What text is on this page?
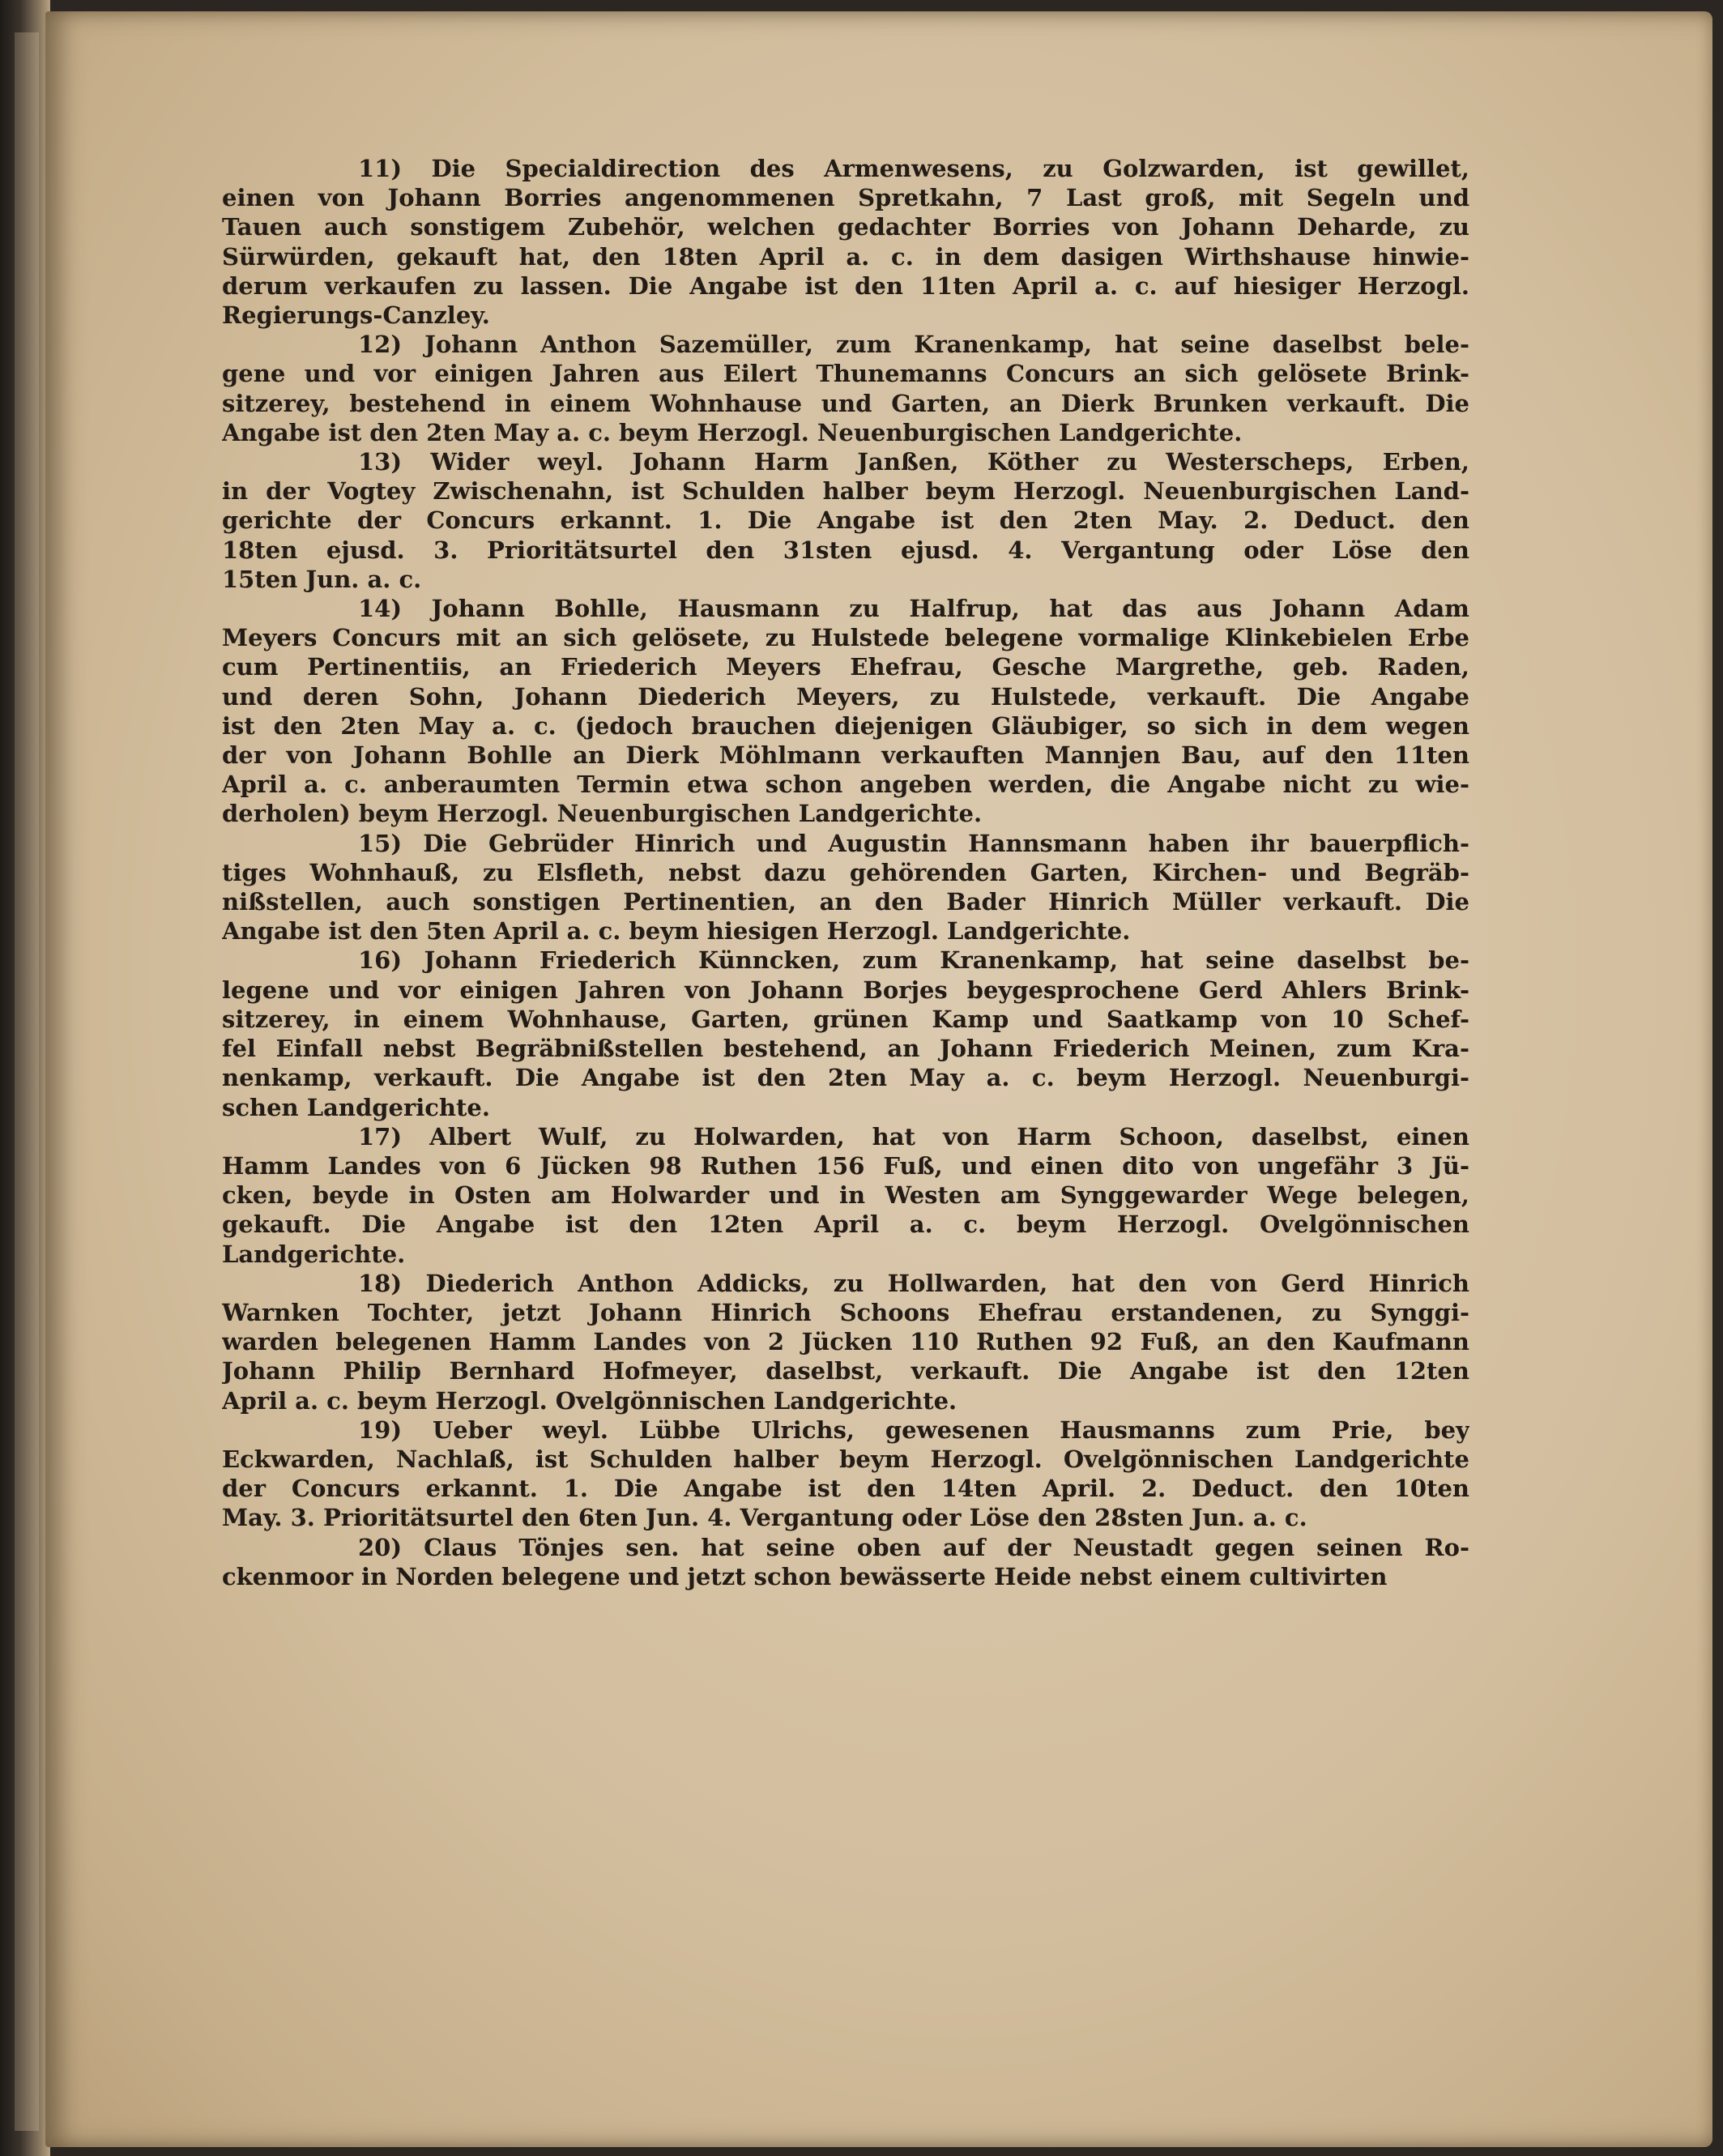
11) Die Specialdirection des Armenwesens, zu Golzwarden, ist gewillet,
einen von Johann Borries angenommenen Spretkahn, 7 Last groß, mit Segeln und
Tauen auch sonstigem Zubehör, welchen gedachter Borries von Johann Deharde, zu
Sürwürden, gekauft hat, den 18ten April a. c. in dem dasigen Wirthshause hinwie-
derum verkaufen zu lassen. Die Angabe ist den 11ten April a. c. auf hiesiger Herzogl.
Regierungs-Canzley.
12) Johann Anthon Sazemüller, zum Kranenkamp, hat seine daselbst bele-
gene und vor einigen Jahren aus Eilert Thunemanns Concurs an sich gelösete Brink-
sitzerey, bestehend in einem Wohnhause und Garten, an Dierk Brunken verkauft. Die
Angabe ist den 2ten May a. c. beym Herzogl. Neuenburgischen Landgerichte.
13) Wider weyl. Johann Harm Janßen, Köther zu Westerscheps, Erben,
in der Vogtey Zwischenahn, ist Schulden halber beym Herzogl. Neuenburgischen Land-
gerichte der Concurs erkannt. 1. Die Angabe ist den 2ten May. 2. Deduct. den
18ten ejusd. 3. Prioritätsurtel den 31sten ejusd. 4. Vergantung oder Löse den
15ten Jun. a. c.
14) Johann Bohlle, Hausmann zu Halfrup, hat das aus Johann Adam
Meyers Concurs mit an sich gelösete, zu Hulstede belegene vormalige Klinkebielen Erbe
cum Pertinentiis, an Friederich Meyers Ehefrau, Gesche Margrethe, geb. Raden,
und deren Sohn, Johann Diederich Meyers, zu Hulstede, verkauft. Die Angabe
ist den 2ten May a. c. (jedoch brauchen diejenigen Gläubiger, so sich in dem wegen
der von Johann Bohlle an Dierk Möhlmann verkauften Mannjen Bau, auf den 11ten
April a. c. anberaumten Termin etwa schon angeben werden, die Angabe nicht zu wie-
derholen) beym Herzogl. Neuenburgischen Landgerichte.
15) Die Gebrüder Hinrich und Augustin Hannsmann haben ihr bauerpflich-
tiges Wohnhauß, zu Elsfleth, nebst dazu gehörenden Garten, Kirchen- und Begräb-
nißstellen, auch sonstigen Pertinentien, an den Bader Hinrich Müller verkauft. Die
Angabe ist den 5ten April a. c. beym hiesigen Herzogl. Landgerichte.
16) Johann Friederich Künncken, zum Kranenkamp, hat seine daselbst be-
legene und vor einigen Jahren von Johann Borjes beygesprochene Gerd Ahlers Brink-
sitzerey, in einem Wohnhause, Garten, grünen Kamp und Saatkamp von 10 Schef-
fel Einfall nebst Begräbnißstellen bestehend, an Johann Friederich Meinen, zum Kra-
nenkamp, verkauft. Die Angabe ist den 2ten May a. c. beym Herzogl. Neuenburgi-
schen Landgerichte.
17) Albert Wulf, zu Holwarden, hat von Harm Schoon, daselbst, einen
Hamm Landes von 6 Jücken 98 Ruthen 156 Fuß, und einen dito von ungefähr 3 Jü-
cken, beyde in Osten am Holwarder und in Westen am Synggewarder Wege belegen,
gekauft. Die Angabe ist den 12ten April a. c. beym Herzogl. Ovelgönnischen
Landgerichte.
18) Diederich Anthon Addicks, zu Hollwarden, hat den von Gerd Hinrich
Warnken Tochter, jetzt Johann Hinrich Schoons Ehefrau erstandenen, zu Synggi-
warden belegenen Hamm Landes von 2 Jücken 110 Ruthen 92 Fuß, an den Kaufmann
Johann Philip Bernhard Hofmeyer, daselbst, verkauft. Die Angabe ist den 12ten
April a. c. beym Herzogl. Ovelgönnischen Landgerichte.
19) Ueber weyl. Lübbe Ulrichs, gewesenen Hausmanns zum Prie, bey
Eckwarden, Nachlaß, ist Schulden halber beym Herzogl. Ovelgönnischen Landgerichte
der Concurs erkannt. 1. Die Angabe ist den 14ten April. 2. Deduct. den 10ten
May. 3. Prioritätsurtel den 6ten Jun. 4. Vergantung oder Löse den 28sten Jun. a. c.
20) Claus Tönjes sen. hat seine oben auf der Neustadt gegen seinen Ro-
ckenmoor in Norden belegene und jetzt schon bewässerte Heide nebst einem cultivirten
